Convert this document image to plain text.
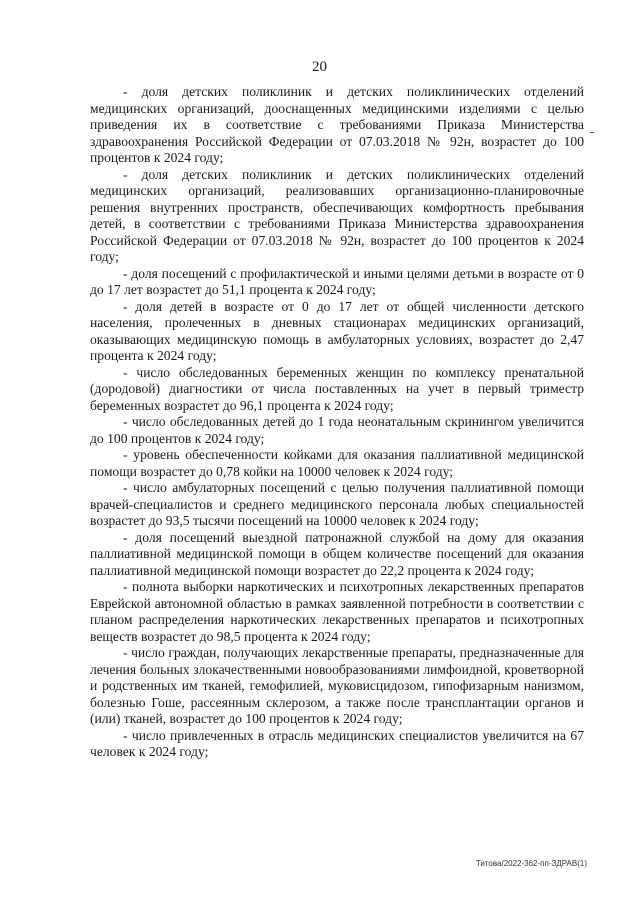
20

- доля детских поликлиник и детских поликлинических отделений медицинских организаций, дооснащенных медицинскими изделиями с целью приведения их в соответствие с требованиями Приказа Министерства здравоохранения Российской Федерации от 07.03.2018 № 92н, возрастет до 100 процентов к 2024 году;

- доля детских поликлиник и детских поликлинических отделений медицинских организаций, реализовавших организационно-планировочные решения внутренних пространств, обеспечивающих комфортность пребывания детей, в соответствии с требованиями Приказа Министерства здравоохранения Российской Федерации от 07.03.2018 № 92н, возрастет до 100 процентов к 2024 году;

- доля посещений с профилактической и иными целями детьми в возрасте от 0 до 17 лет возрастет до 51,1 процента к 2024 году;

- доля детей в возрасте от 0 до 17 лет от общей численности детского населения, пролеченных в дневных стационарах медицинских организаций, оказывающих медицинскую помощь в амбулаторных условиях, возрастет до 2,47 процента к 2024 году;

- число обследованных беременных женщин по комплексу пренатальной (дородовой) диагностики от числа поставленных на учет в первый триместр беременных возрастет до 96,1 процента к 2024 году;

- число обследованных детей до 1 года неонатальным скринингом увеличится до 100 процентов к 2024 году;

- уровень обеспеченности койками для оказания паллиативной медицинской помощи возрастет до 0,78 койки на 10000 человек к 2024 году;

- число амбулаторных посещений с целью получения паллиативной помощи врачей-специалистов и среднего медицинского персонала любых специальностей возрастет до 93,5 тысячи посещений на 10000 человек к 2024 году;

- доля посещений выездной патронажной службой на дому для оказания паллиативной медицинской помощи в общем количестве посещений для оказания паллиативной медицинской помощи возрастет до 22,2 процента к 2024 году;

- полнота выборки наркотических и психотропных лекарственных препаратов Еврейской автономной областью в рамках заявленной потребности в соответствии с планом распределения наркотических лекарственных препаратов и психотропных веществ возрастет до 98,5 процента к 2024 году;

- число граждан, получающих лекарственные препараты, предназначенные для лечения больных злокачественными новообразованиями лимфоидной, кроветворной и родственных им тканей, гемофилией, муковисцидозом, гипофизарным нанизмом, болезнью Гоше, рассеянным склерозом, а также после трансплантации органов и (или) тканей, возрастет до 100 процентов к 2024 году;

- число привлеченных в отрасль медицинских специалистов увеличится на 67 человек к 2024 году;

Титова/2022-362-пп-ЗДРАВ(1)
